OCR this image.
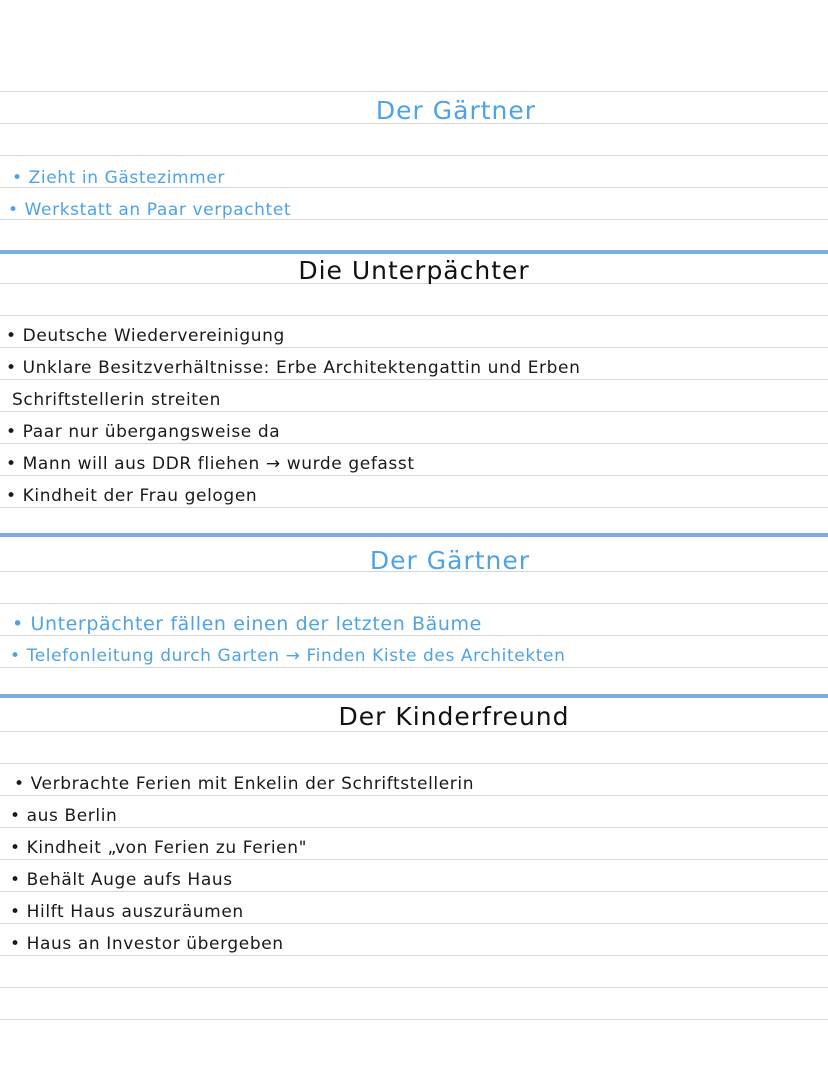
Der Gärtner
• Zieht in Gästezimmer
• Werkstatt an Paar verpachtet
Die Unterpächter
• Deutsche Wiedervereinigung
• Unklare Besitzverhältnisse: Erbe Architektengattin und Erben
Schriftstellerin streiten
• Paar nur übergangsweise da
• Mann will aus DDR fliehen → wurde gefasst
• Kindheit der Frau gelogen
Der Gärtner
• Unterpächter fällen einen der letzten Bäume
• Telefonleitung durch Garten → Finden Kiste des Architekten
Der Kinderfreund
• Verbrachte Ferien mit Enkelin der Schriftstellerin
• aus Berlin
• Kindheit „von Ferien zu Ferien"
• Behält Auge aufs Haus
• Hilft Haus auszuräumen
• Haus an Investor übergeben
